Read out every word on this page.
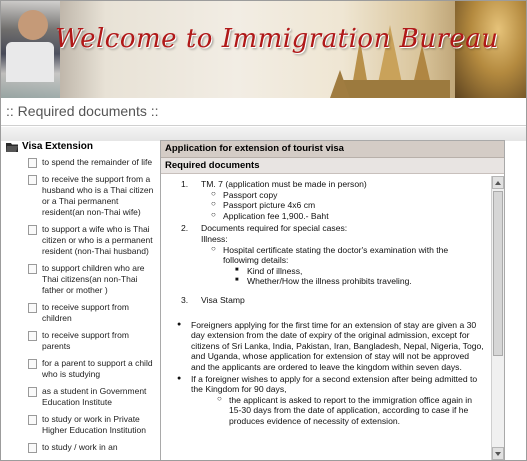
Welcome to Immigration Bureau
:: Required documents ::
Visa Extension
to spend the remainder of life
to receive the support from a husband who is a Thai citizen or a Thai permanent resident(an non-Thai wife)
to support a wife who is Thai citizen or who is a permanent resident (non-Thai husband)
to support children who are Thai citizens(an non-Thai father or mother )
to receive support from children
to receive support from parents
for a parent to support a child who is studying
as a student in Government Education Institute
to study or work in Private Higher Education Institution
to study / work in an
Application for extension of tourist visa
Required documents
1. TM. 7 (application must be made in person)
○ Passport copy
○ Passport picture 4x6 cm
○ Application fee 1,900.- Baht
2. Documents required for special cases:
Illness:
○ Hospital certificate stating the doctor's examination with the followimg details:
■ Kind of illness,
■ Whether/How the illness prohibits traveling.
3. Visa Stamp
● Foreigners applying for the first time for an extension of stay are given a 30 day extension from the date of expiry of the original admission, except for citizens of Sri Lanka, India, Pakistan, Iran, Bangladesh, Nepal, Nigeria, Togo, and Uganda, whose application for extension of stay will not be approved and the applicants are ordered to leave the kingdom within seven days.
● If a foreigner wishes to apply for a second extension after being admitted to the Kingdom for 90 days,
○ the applicant is asked to report to the immigration office again in 15-30 days from the date of application, according to case if he produces evidence of necessity of extension.
